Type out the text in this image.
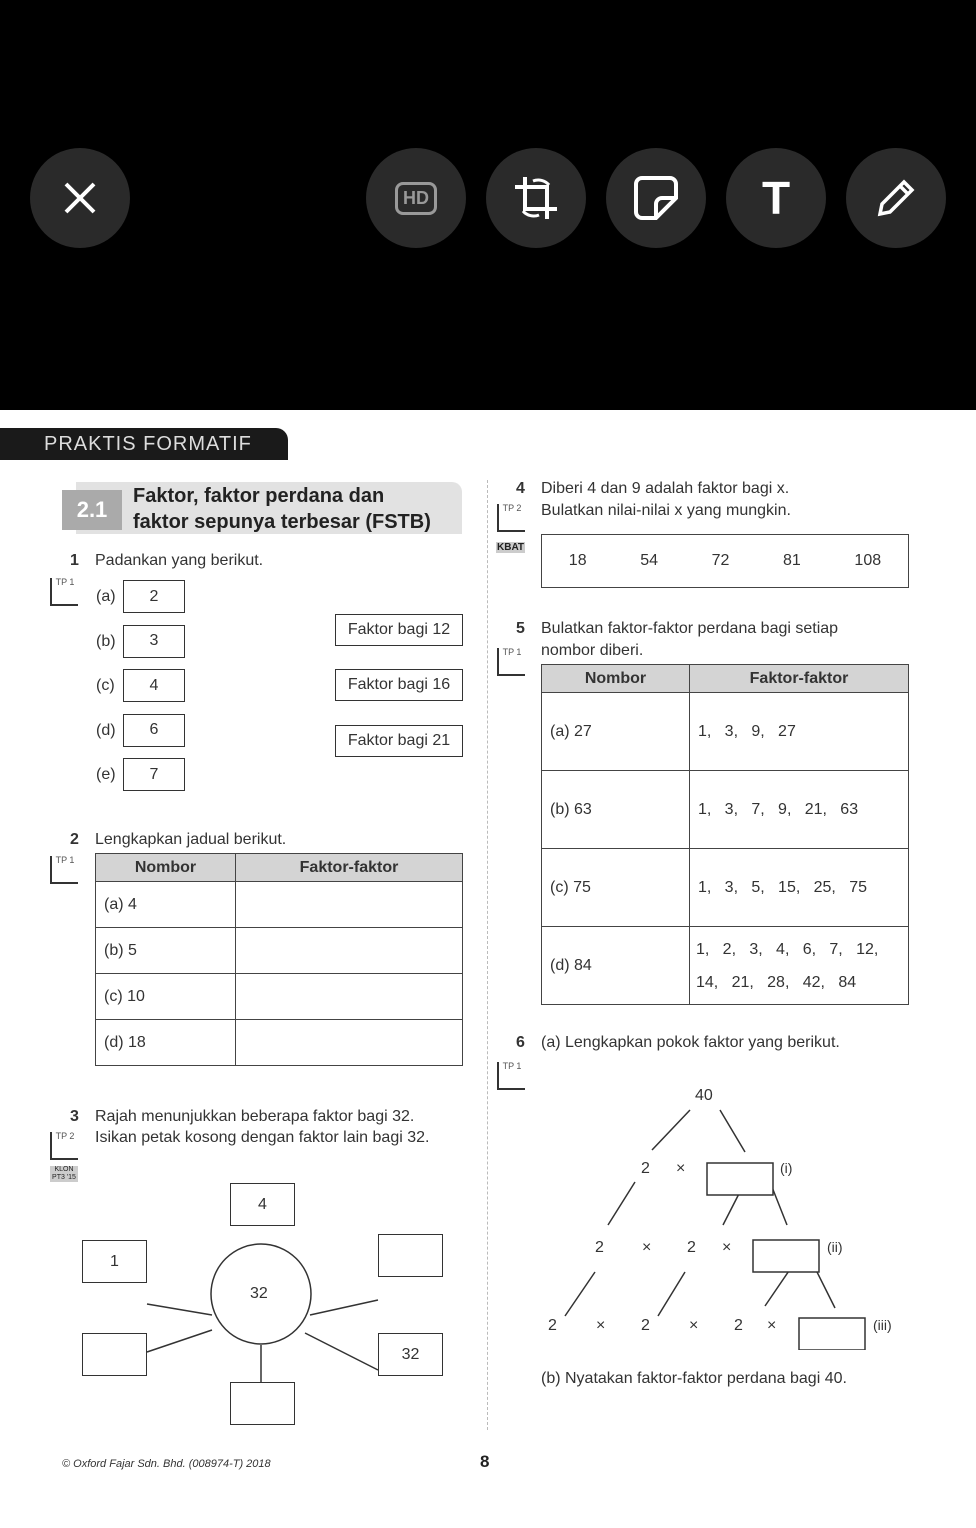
HD	T
PRAKTIS FORMATIF
2.1
Faktor, faktor perdana dan
faktor sepunya terbesar (FSTB)
1 Padankan yang berikut.
TP 1
(a)	2
(b)	3
(c)	4
(d)	6
(e)	7
Faktor bagi 12
Faktor bagi 16
Faktor bagi 21
2 Lengkapkan jadual berikut.
TP 1	Nombor	Faktor-faktor
(a) 4	
(b) 5	
(c) 10	
(d) 18	
3 Rajah menunjukkan beberapa faktor bagi 32.
Isikan petak kosong dengan faktor lain bagi 32.
TP 2
KLON PT3 '15
32
4
1
32
4 Diberi 4 dan 9 adalah faktor bagi x.
Bulatkan nilai-nilai x yang mungkin.
TP 2
KBAT
18	54	72	81	108
5 Bulatkan faktor-faktor perdana bagi setiap
nombor diberi.
TP 1
Nombor	Faktor-faktor
(a) 27	1,   3,   9,   27
(b) 63	1,   3,   7,   9,   21,   63
(c) 75	1,   3,   5,   15,   25,   75
(d) 84	1,   2,   3,   4,   6,   7,   12,
14,   21,   28,   42,   84
6 (a) Lengkapkan pokok faktor yang berikut.
TP 1
40
2 ×	(i)
2 × 2 ×	(ii)
2 × 2 × 2 ×	(iii)
(b) Nyatakan faktor-faktor perdana bagi 40.
© Oxford Fajar Sdn. Bhd. (008974-T) 2018	8
